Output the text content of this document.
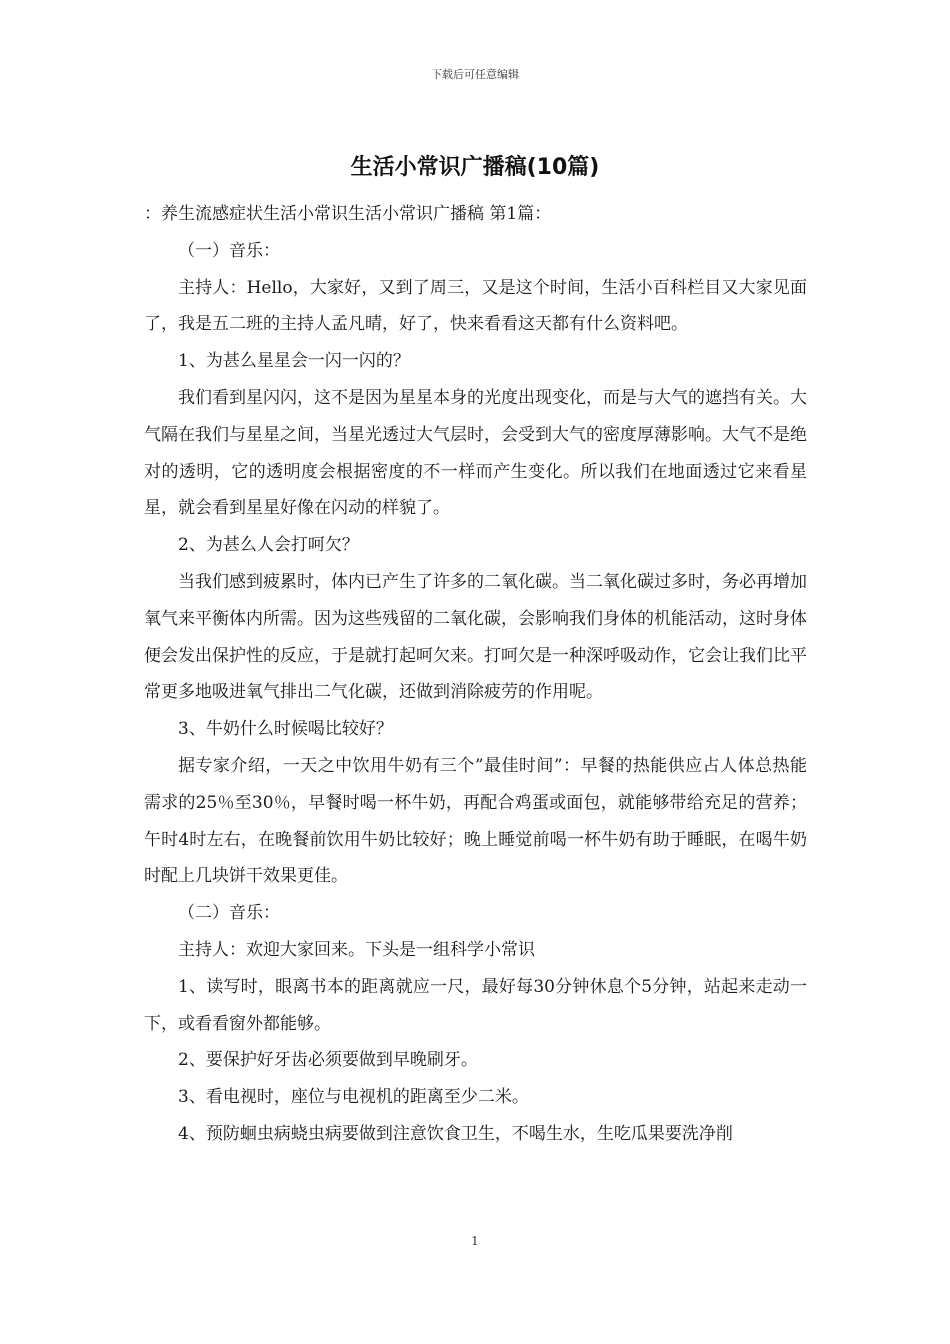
下载后可任意编辑
生活小常识广播稿(10篇)

：养生流感症状生活小常识生活小常识广播稿 第1篇：

（一）音乐：

主持人：Hello，大家好，又到了周三，又是这个时间，生活小百科栏目又大家见面了，我是五二班的主持人孟凡晴，好了，快来看看这天都有什么资料吧。

1、为甚么星星会一闪一闪的？

我们看到星闪闪，这不是因为星星本身的光度出现变化，而是与大气的遮挡有关。大气隔在我们与星星之间，当星光透过大气层时，会受到大气的密度厚薄影响。大气不是绝对的透明，它的透明度会根据密度的不一样而产生变化。所以我们在地面透过它来看星星，就会看到星星好像在闪动的样貌了。

2、为甚么人会打呵欠？

当我们感到疲累时，体内已产生了许多的二氧化碳。当二氧化碳过多时，务必再增加氧气来平衡体内所需。因为这些残留的二氧化碳，会影响我们身体的机能活动，这时身体便会发出保护性的反应，于是就打起呵欠来。打呵欠是一种深呼吸动作，它会让我们比平常更多地吸进氧气排出二气化碳，还做到消除疲劳的作用呢。

3、牛奶什么时候喝比较好？

据专家介绍，一天之中饮用牛奶有三个”最佳时间”：早餐的热能供应占人体总热能需求的25％至30％，早餐时喝一杯牛奶，再配合鸡蛋或面包，就能够带给充足的营养；午时4时左右，在晚餐前饮用牛奶比较好；晚上睡觉前喝一杯牛奶有助于睡眠，在喝牛奶时配上几块饼干效果更佳。

（二）音乐：

主持人：欢迎大家回来。下头是一组科学小常识

1、读写时，眼离书本的距离就应一尺，最好每30分钟休息个5分钟，站起来走动一下，或看看窗外都能够。

2、要保护好牙齿必须要做到早晚刷牙。

3、看电视时，座位与电视机的距离至少二米。

4、预防蛔虫病蛲虫病要做到注意饮食卫生，不喝生水，生吃瓜果要洗净削

1
